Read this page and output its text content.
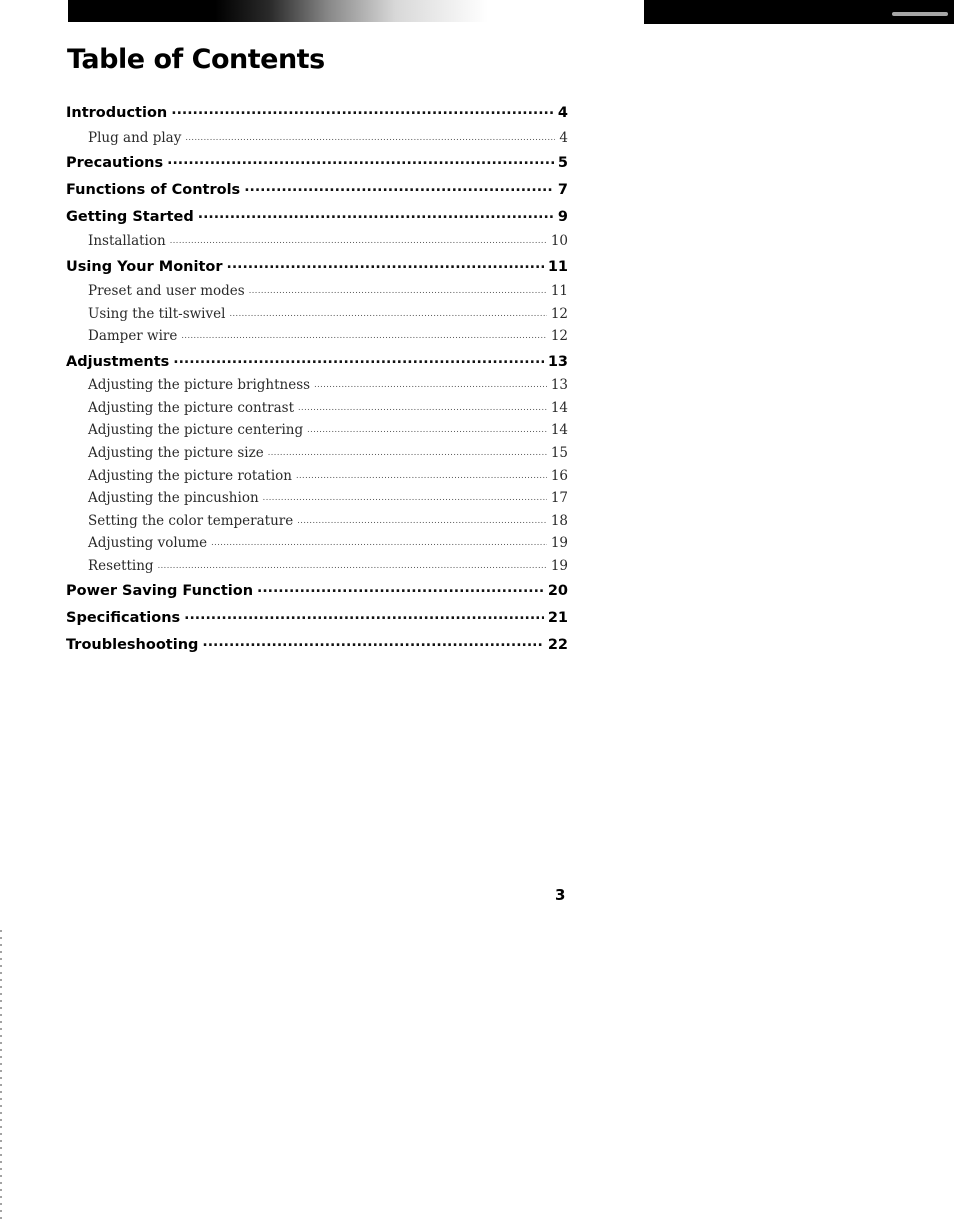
Table of Contents
Introduction .....	4
Plug and play .....	4
Precautions .....	5
Functions of Controls .....	7
Getting Started .....	9
Installation .....	10
Using Your Monitor .....	11
Preset and user modes .....	11
Using the tilt-swivel .....	12
Damper wire .....	12
Adjustments .....	13
Adjusting the picture brightness .....	13
Adjusting the picture contrast .....	14
Adjusting the picture centering .....	14
Adjusting the picture size .....	15
Adjusting the picture rotation .....	16
Adjusting the pincushion .....	17
Setting the color temperature .....	18
Adjusting volume .....	19
Resetting .....	19
Power Saving Function .....	20
Specifications .....	21
Troubleshooting .....	22
3
